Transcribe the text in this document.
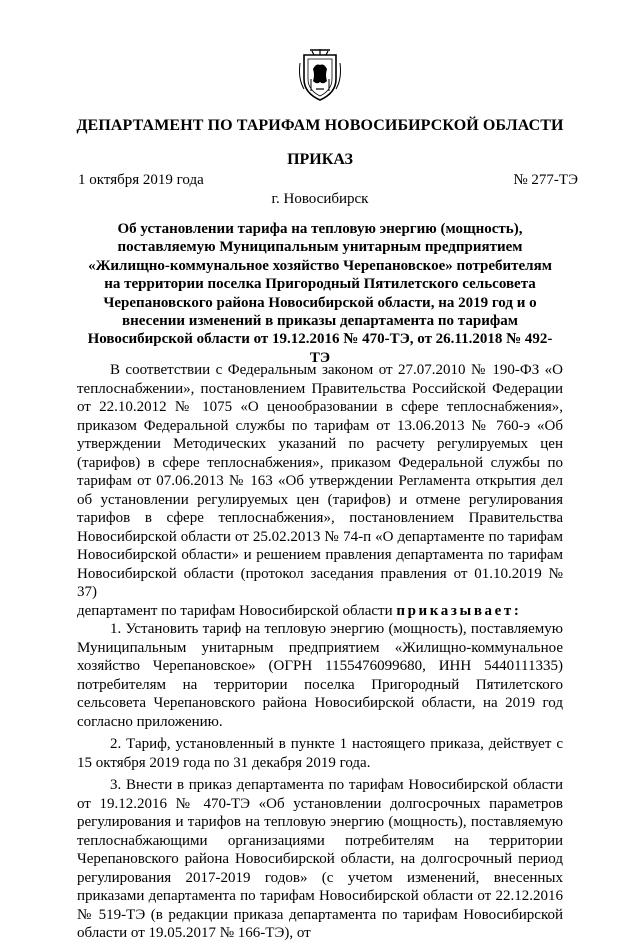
ДЕПАРТАМЕНТ ПО ТАРИФАМ НОВОСИБИРСКОЙ ОБЛАСТИ
ПРИКАЗ
1 октября 2019 года	№ 277-ТЭ
г. Новосибирск
Об установлении тарифа на тепловую энергию (мощность), поставляемую Муниципальным унитарным предприятием «Жилищно-коммунальное хозяйство Черепановское» потребителям на территории поселка Пригородный Пятилетского сельсовета Черепановского района Новосибирской области, на 2019 год и о внесении изменений в приказы департамента по тарифам Новосибирской области от 19.12.2016 № 470-ТЭ, от 26.11.2018 № 492-ТЭ

В соответствии с Федеральным законом от 27.07.2010 № 190-ФЗ «О теплоснабжении», постановлением Правительства Российской Федерации от 22.10.2012 № 1075 «О ценообразовании в сфере теплоснабжения», приказом Федеральной службы по тарифам от 13.06.2013 № 760-э «Об утверждении Методических указаний по расчету регулируемых цен (тарифов) в сфере теплоснабжения», приказом Федеральной службы по тарифам от 07.06.2013 № 163 «Об утверждении Регламента открытия дел об установлении регулируемых цен (тарифов) и отмене регулирования тарифов в сфере теплоснабжения», постановлением Правительства Новосибирской области от 25.02.2013 № 74-п «О департаменте по тарифам Новосибирской области» и решением правления департамента по тарифам Новосибирской области (протокол заседания правления от 01.10.2019 № 37)

департамент по тарифам Новосибирской области приказывает:

1. Установить тариф на тепловую энергию (мощность), поставляемую Муниципальным унитарным предприятием «Жилищно-коммунальное хозяйство Черепановское» (ОГРН 1155476099680, ИНН 5440111335) потребителям на территории поселка Пригородный Пятилетского сельсовета Черепановского района Новосибирской области, на 2019 год согласно приложению.

2. Тариф, установленный в пункте 1 настоящего приказа, действует с 15 октября 2019 года по 31 декабря 2019 года.

3. Внести в приказ департамента по тарифам Новосибирской области от 19.12.2016 № 470-ТЭ «Об установлении долгосрочных параметров регулирования и тарифов на тепловую энергию (мощность), поставляемую теплоснабжающими организациями потребителям на территории Черепановского района Новосибирской области, на долгосрочный период регулирования 2017-2019 годов» (с учетом изменений, внесенных приказами департамента по тарифам Новосибирской области от 22.12.2016 № 519-ТЭ (в редакции приказа департамента по тарифам Новосибирской области от 19.05.2017 № 166-ТЭ), от
